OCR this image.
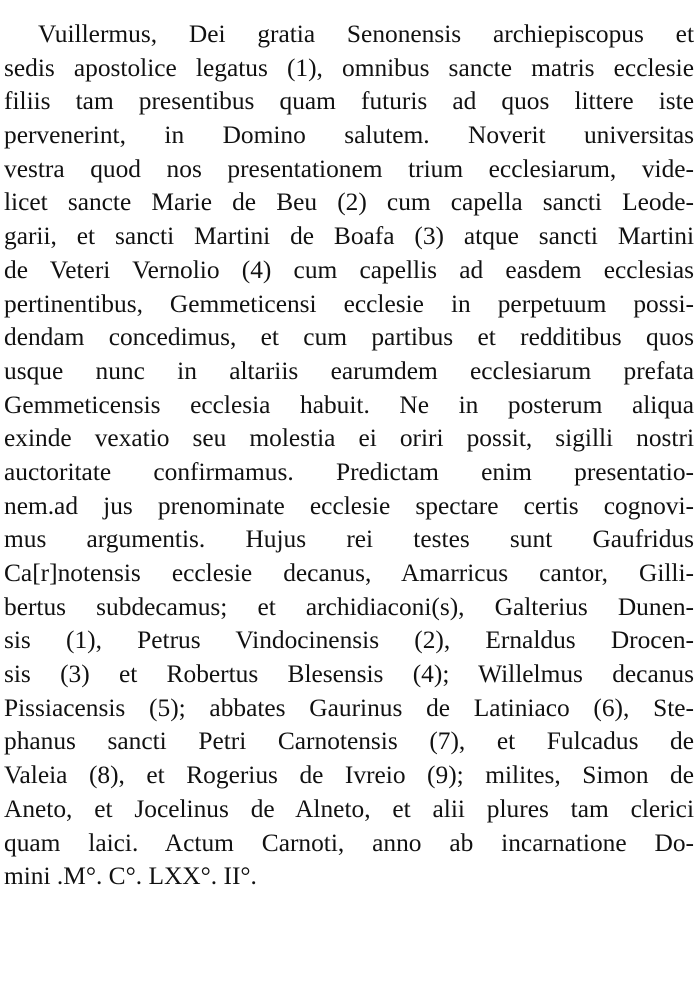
Vuillermus, Dei gratia Senonensis archiepiscopus et
sedis apostolice legatus (1), omnibus sancte matris ecclesie
filiis tam presentibus quam futuris ad quos littere iste
pervenerint, in Domino salutem. Noverit universitas
vestra quod nos presentationem trium ecclesiarum, vide-
licet sancte Marie de Beu (2) cum capella sancti Leode-
garii, et sancti Martini de Boafa (3) atque sancti Martini
de Veteri Vernolio (4) cum capellis ad easdem ecclesias
pertinentibus, Gemmeticensi ecclesie in perpetuum possi-
dendam concedimus, et cum partibus et redditibus quos
usque nunc in altariis earumdem ecclesiarum prefata
Gemmeticensis ecclesia habuit. Ne in posterum aliqua
exinde vexatio seu molestia ei oriri possit, sigilli nostri
auctoritate confirmamus. Predictam enim presentatio-
nem.ad jus prenominate ecclesie spectare certis cognovi-
mus argumentis. Hujus rei testes sunt Gaufridus
Ca[r]notensis ecclesie decanus, Amarricus cantor, Gilli-
bertus subdecamus; et archidiaconi(s), Galterius Dunen-
sis (1), Petrus Vindocinensis (2), Ernaldus Drocen-
sis (3) et Robertus Blesensis (4); Willelmus decanus
Pissiacensis (5); abbates Gaurinus de Latiniaco (6), Ste-
phanus sancti Petri Carnotensis (7), et Fulcadus de
Valeia (8), et Rogerius de Ivreio (9); milites, Simon de
Aneto, et Jocelinus de Alneto, et alii plures tam clerici
quam laici. Actum Carnoti, anno ab incarnatione Do-
mini .M°. C°. LXX°. II°.
